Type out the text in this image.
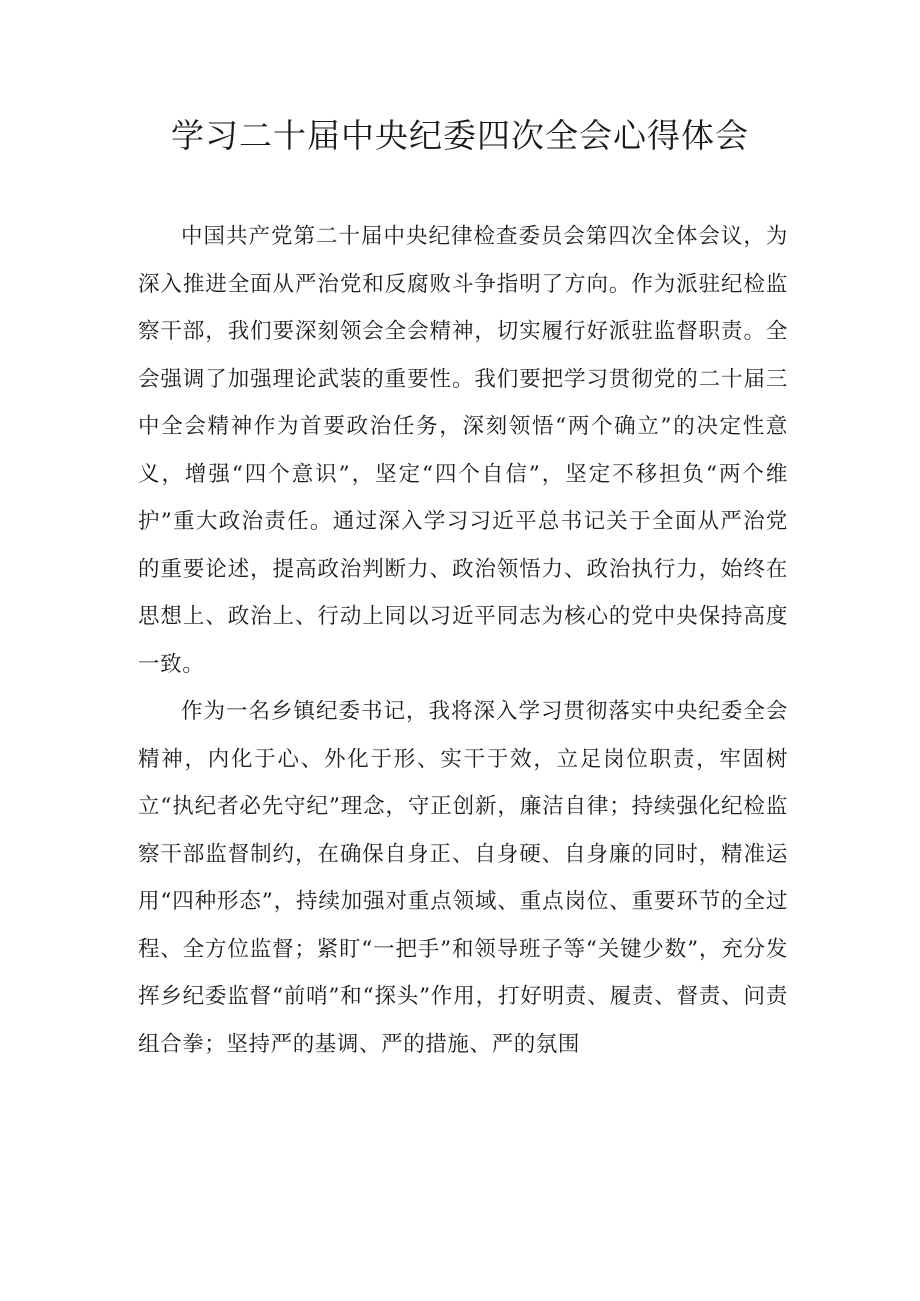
学习二十届中央纪委四次全会心得体会

中国共产党第二十届中央纪律检查委员会第四次全体会议，为深入推进全面从严治党和反腐败斗争指明了方向。作为派驻纪检监察干部，我们要深刻领会全会精神，切实履行好派驻监督职责。全会强调了加强理论武装的重要性。我们要把学习贯彻党的二十届三中全会精神作为首要政治任务，深刻领悟“两个确立”的决定性意义，增强“四个意识”，坚定“四个自信”，坚定不移担负“两个维护”重大政治责任。通过深入学习习近平总书记关于全面从严治党的重要论述，提高政治判断力、政治领悟力、政治执行力，始终在思想上、政治上、行动上同以习近平同志为核心的党中央保持高度一致。

作为一名乡镇纪委书记，我将深入学习贯彻落实中央纪委全会精神，内化于心、外化于形、实干于效，立足岗位职责，牢固树立“执纪者必先守纪”理念，守正创新，廉洁自律；持续强化纪检监察干部监督制约，在确保自身正、自身硬、自身廉的同时，精准运用“四种形态”，持续加强对重点领域、重点岗位、重要环节的全过程、全方位监督；紧盯“一把手”和领导班子等“关键少数”，充分发挥乡纪委监督“前哨”和“探头”作用，打好明责、履责、督责、问责组合拳；坚持严的基调、严的措施、严的氛围
